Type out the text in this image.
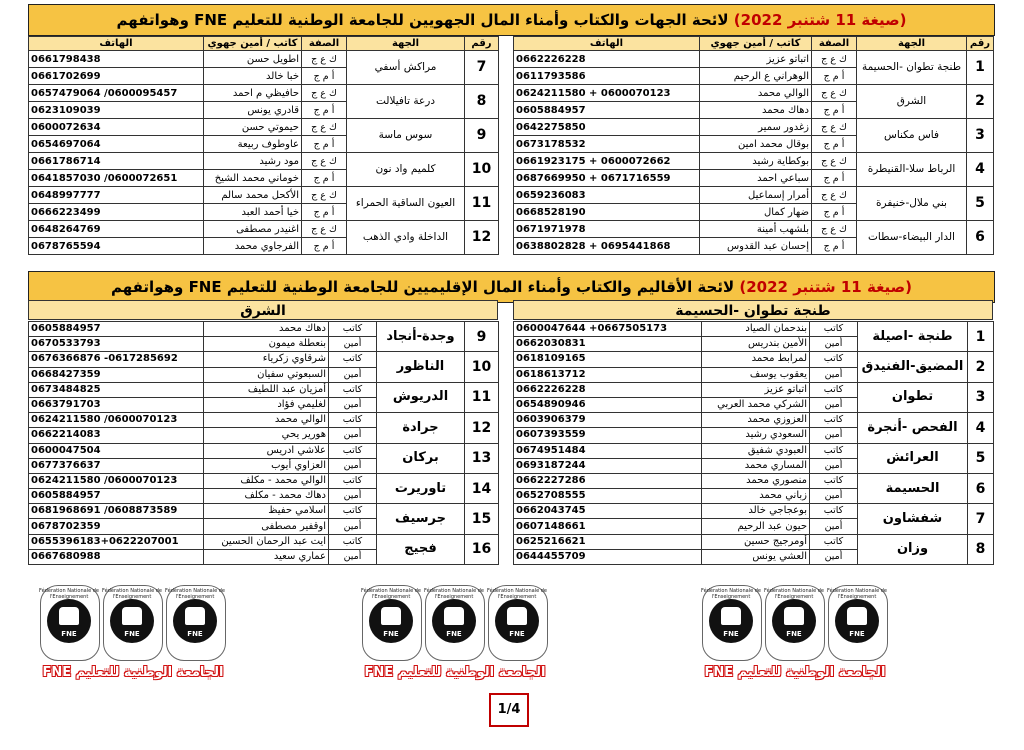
(صيغة 11 شتنبر 2022) لائحة الجهات والكتاب وأمناء المال الجهويين للجامعة الوطنية للتعليم FNE وهواتفهم
رقم	الجهة	الصفة	كاتب / أمين جهوي	الهاتف
1	طنجة تطوان -الحسيمة	ك ع ج	اتباتو عزيز	0662226228
		أ م ج	الوهراني ع الرحيم	0611793586
2	الشرق	ك ع ج	الوالي محمد	0624211580 + 0600070123
		أ م ج	دهاك محمد	0605884957
3	فاس مكناس	ك ع ج	زغدور سمير	0642275850
		أ م ج	بوقال محمد امين	0673178532
4	الرباط سلا-القنيطرة	ك ع ج	بوكطاية رشيد	0661923175 + 0600072662
		أ م ج	سباعي احمد	0687669950 + 0671716559
5	بني ملال-خنيفرة	ك ع ج	أمرار إسماعيل	0659236083
		أ م ج	ضهار كمال	0668528190
6	الدار البيضاء-سطات	ك ع ج	بلشهب أمينة	0671971978
		أ م ج	إحسان عبد القدوس	0638802828 + 0695441868
رقم	الجهة	الصفة	كاتب / أمين جهوي	الهاتف
7	مراكش أسفي	ك ع ج	اطويل حسن	0661798438
		أ م ج	خبا خالد	0661702699
8	درعة تافيلالت	ك ع ج	حافيظي م احمد	0657479064 /0600095457
		أ م ج	قادري يونس	0623109039
9	سوس ماسة	ك ع ج	حيموتي حسن	0600072634
		أ م ج	عاوطوف ربيعة	0654697064
10	كلميم واد نون	ك ع ج	مود رشيد	0661786714
		أ م ج	خوماني محمد الشيخ	0641857030 /0600072651
11	العيون الساقية الحمراء	ك ع ج	الأكحل محمد سالم	0648997777
		أ م ج	خيا أحمد العبد	0666223499
12	الداخلة وادي الذهب	ك ع ج	اغنيدر مصطفى	0648264769
		أ م ج	الفرجاوي محمد	0678765594
(صيغة 11 شتنبر 2022) لائحة الأقاليم والكتاب وأمناء المال الإقليميين للجامعة الوطنية للتعليم FNE وهواتفهم
طنجة تطوان -الحسيمة
الشرق
1	طنجة -اصيلة	كاتب	بندحمان الصياد	0600047644 +0667505173
		أمين	الأمين بندريس	0662030831
2	المضيق-الفنيدق	كاتب	لمرابط محمد	0618109165
		أمين	يعقوب يوسف	0618613712
3	تطوان	كاتب	اتباتو عزيز	0662226228
		أمين	الشركي محمد العربي	0654890946
4	الفحص -أنجرة	كاتب	العزوزي محمد	0603906379
		أمين	السعودي رشيد	0607393559
5	العرائش	كاتب	العبودي شفيق	0674951484
		أمين	المساري محمد	0693187244
6	الحسيمة	كاتب	منصوري محمد	0662227286
		أمين	زباني محمد	0652708555
7	شفشاون	كاتب	بوعجاجي خالد	0662043745
		أمين	حيون عبد الرحيم	0607148661
8	وزان	كاتب	أومرجيج حسين	0625216621
		أمين	العشي يونس	0644455709
9	وجدة-أنجاد	كاتب	دهاك محمد	0605884957
		أمين	بنعطلة ميمون	0670533793
10	الناظور	كاتب	شرقاوي زكرياء	0676366876 -0617285692
		أمين	السبعوتي سفيان	0668427359
11	الدريوش	كاتب	أمزيان عبد اللطيف	0673484825
		أمين	لغليمي فؤاد	0663791703
12	جرادة	كاتب	الوالي محمد	0624211580 /0600070123
		أمين	هورير يحي	0662214083
13	بركان	كاتب	علاشي ادريس	0600047504
		أمين	العزاوي أيوب	0677376637
14	تاوريرت	كاتب	الوالي محمد - مكلف	0624211580 /0600070123
		أمين	دهاك محمد - مكلف	0605884957
15	جرسيف	كاتب	اسلامي حفيظ	0681968691 /0608873589
		أمين	اوقفير مصطفى	0678702359
16	فجيج	كاتب	ايت عبد الرحمان الحسين	0655396183+0622207001
		أمين	عماري سعيد	0667680988
FNE
Fédération Nationale de l'Enseignement
FNE
Fédération Nationale de l'Enseignement
FNE
Fédération Nationale de l'Enseignement
FNE
Fédération Nationale de l'Enseignement
FNE
Fédération Nationale de l'Enseignement
FNE
Fédération Nationale de l'Enseignement
FNE
Fédération Nationale de l'Enseignement
FNE
Fédération Nationale de l'Enseignement
FNE
Fédération Nationale de l'Enseignement
الجامعة الوطنية للتعليم FNE	الجامعة الوطنية للتعليم FNE	الجامعة الوطنية للتعليم FNE
1/4
